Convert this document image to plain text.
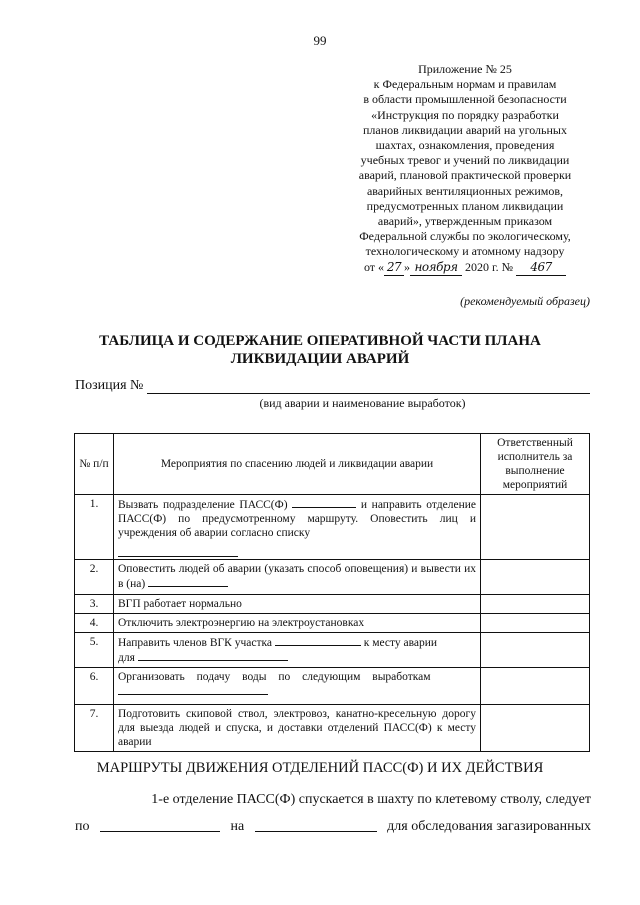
99
Приложение № 25
к Федеральным нормам и правилам
в области промышленной безопасности
«Инструкция по порядку разработки
планов ликвидации аварий на угольных
шахтах, ознакомления, проведения
учебных тревог и учений по ликвидации
аварий, плановой практической проверки
аварийных вентиляционных режимов,
предусмотренных планом ликвидации
аварий», утвержденным приказом
Федеральной службы по экологическому,
технологическому и атомному надзору
от « 27 » ноября 2020 г. № 467
(рекомендуемый образец)
ТАБЛИЦА И СОДЕРЖАНИЕ ОПЕРАТИВНОЙ ЧАСТИ ПЛАНА
ЛИКВИДАЦИИ АВАРИЙ
Позиция №
(вид аварии и наименование выработок)
№ п/п	Мероприятия по спасению людей и ликвидации аварии	Ответственный исполнитель за выполнение мероприятий
1.	Вызвать подразделение ПАСС(Ф) и направить отделение ПАСС(Ф) по предусмотренному маршруту. Оповестить лиц и учреждения об аварии согласно списку

2.	Оповестить людей об аварии (указать способ оповещения) и вывести их в (на)	
3.	ВГП работает нормально	
4.	Отключить электроэнергию на электроустановках	
5.	Направить членов ВГК участка к месту аварии
для	
6.	Организовать подачу воды по следующим выработкам

7.	Подготовить скиповой ствол, электровоз, канатно-кресельную дорогу для выезда людей и спуска, и доставки отделений ПАСС(Ф) к месту аварии	
МАРШРУТЫ ДВИЖЕНИЯ ОТДЕЛЕНИЙ ПАСС(Ф) И ИХ ДЕЙСТВИЯ
1-е отделение ПАСС(Ф) спускается в шахту по клетевому стволу, следует
по	на	для обследования загазированных
